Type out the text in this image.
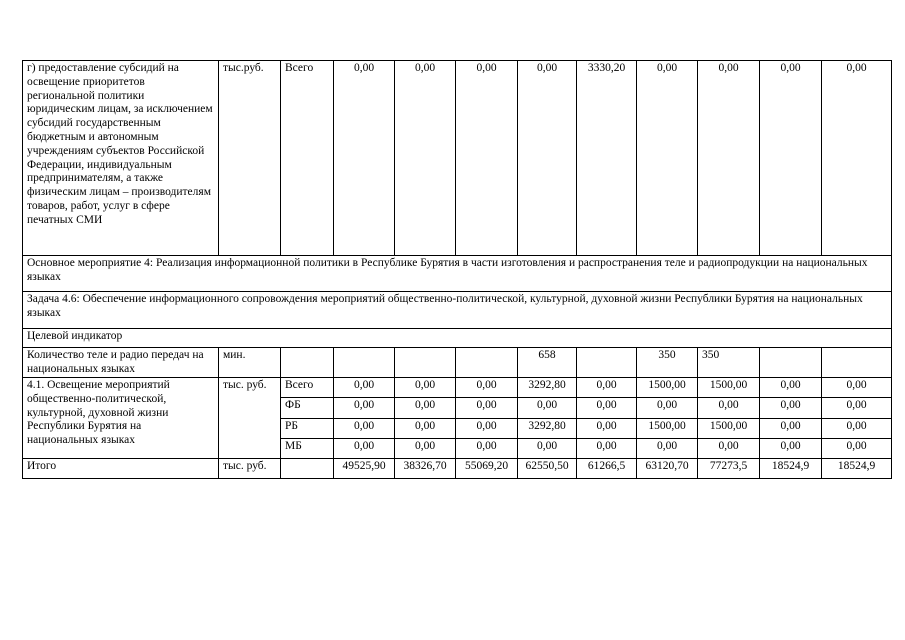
г) предоставление субсидий на освещение приоритетов региональной политики юридическим лицам, за исключением субсидий государственным бюджетным и автономным учреждениям субъектов Российской Федерации, индивидуальным предпринимателям, а также физическим лицам – производителям товаров, работ, услуг в сфере печатных СМИ	тыс.руб.	Всего	0,00	0,00	0,00	0,00	3330,20	0,00	0,00	0,00	0,00
Основное мероприятие 4: Реализация информационной политики в Республике Бурятия в части изготовления и распространения теле и радиопродукции на национальных языках											
Задача 4.6: Обеспечение информационного сопровождения мероприятий общественно-политической, культурной, духовной жизни Республики Бурятия на национальных языках											
Целевой индикатор											
Количество теле и радио передач на национальных языках	мин.					658		350	350		
4.1. Освещение мероприятий общественно-политической, культурной, духовной жизни Республики Бурятия на национальных языках	тыс. руб.	Всего	0,00	0,00	0,00	3292,80	0,00	1500,00	1500,00	0,00	0,00
		ФБ	0,00	0,00	0,00	0,00	0,00	0,00	0,00	0,00	0,00
		РБ	0,00	0,00	0,00	3292,80	0,00	1500,00	1500,00	0,00	0,00
		МБ	0,00	0,00	0,00	0,00	0,00	0,00	0,00	0,00	0,00
Итого	тыс. руб.		49525,90	38326,70	55069,20	62550,50	61266,5	63120,70	77273,5	18524,9	18524,9
